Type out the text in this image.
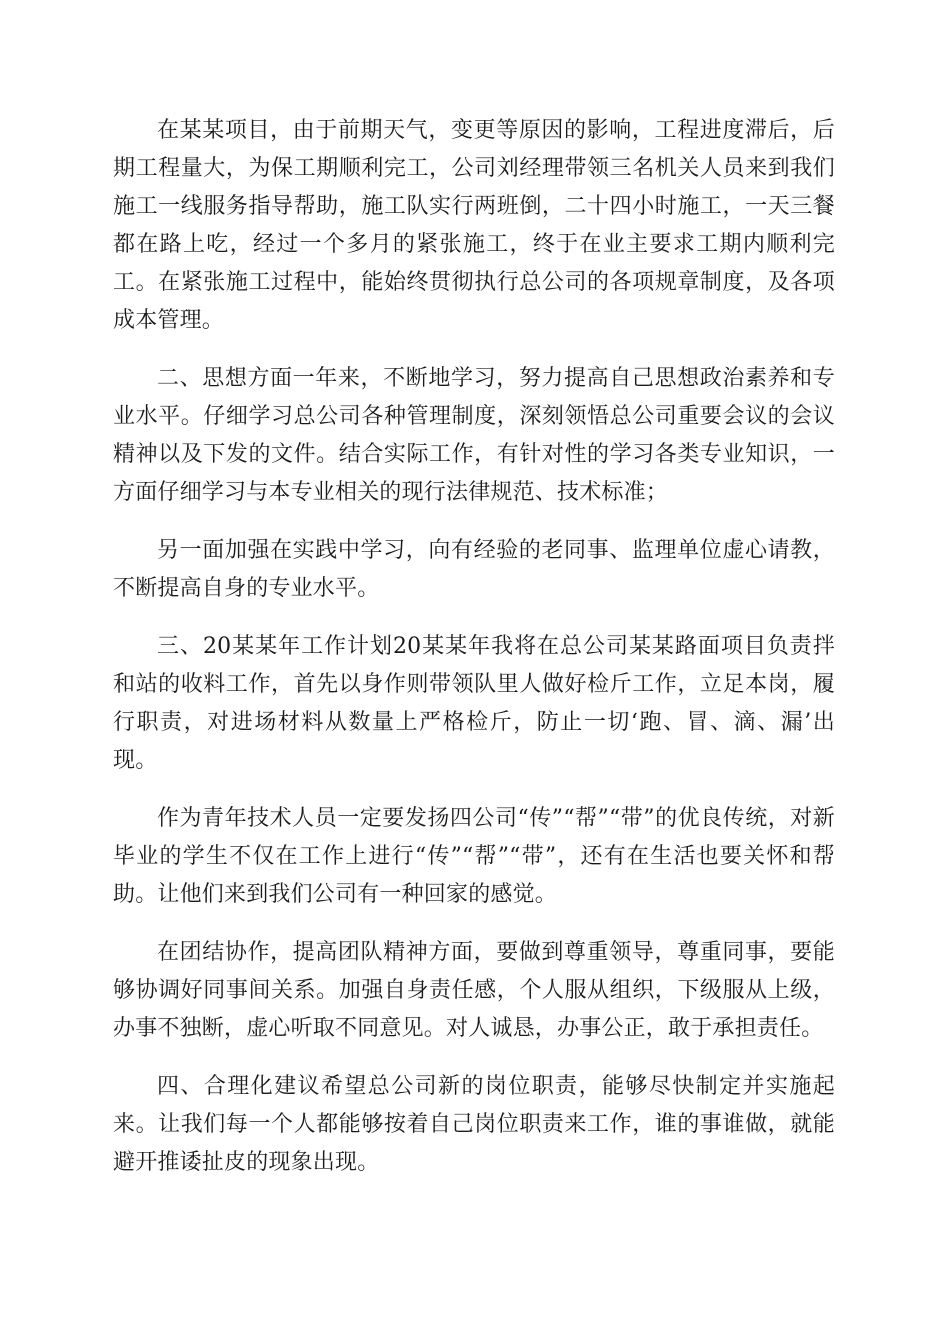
在某某项目，由于前期天气，变更等原因的影响，工程进度滞后，后期工程量大，为保工期顺利完工，公司刘经理带领三名机关人员来到我们施工一线服务指导帮助，施工队实行两班倒，二十四小时施工，一天三餐都在路上吃，经过一个多月的紧张施工，终于在业主要求工期内顺利完工。在紧张施工过程中，能始终贯彻执行总公司的各项规章制度，及各项成本管理。

二、思想方面一年来，不断地学习，努力提高自己思想政治素养和专业水平。仔细学习总公司各种管理制度，深刻领悟总公司重要会议的会议精神以及下发的文件。结合实际工作，有针对性的学习各类专业知识，一方面仔细学习与本专业相关的现行法律规范、技术标准；

另一面加强在实践中学习，向有经验的老同事、监理单位虚心请教，不断提高自身的专业水平。

三、20某某年工作计划20某某年我将在总公司某某路面项目负责拌和站的收料工作，首先以身作则带领队里人做好检斤工作，立足本岗，履行职责，对进场材料从数量上严格检斤，防止一切‘跑、冒、滴、漏’出现。

作为青年技术人员一定要发扬四公司“传”“帮”“带”的优良传统，对新毕业的学生不仅在工作上进行“传”“帮”“带”，还有在生活也要关怀和帮助。让他们来到我们公司有一种回家的感觉。

在团结协作，提高团队精神方面，要做到尊重领导，尊重同事，要能够协调好同事间关系。加强自身责任感，个人服从组织，下级服从上级，办事不独断，虚心听取不同意见。对人诚恳，办事公正，敢于承担责任。

四、合理化建议希望总公司新的岗位职责，能够尽快制定并实施起来。让我们每一个人都能够按着自己岗位职责来工作，谁的事谁做，就能避开推诿扯皮的现象出现。
